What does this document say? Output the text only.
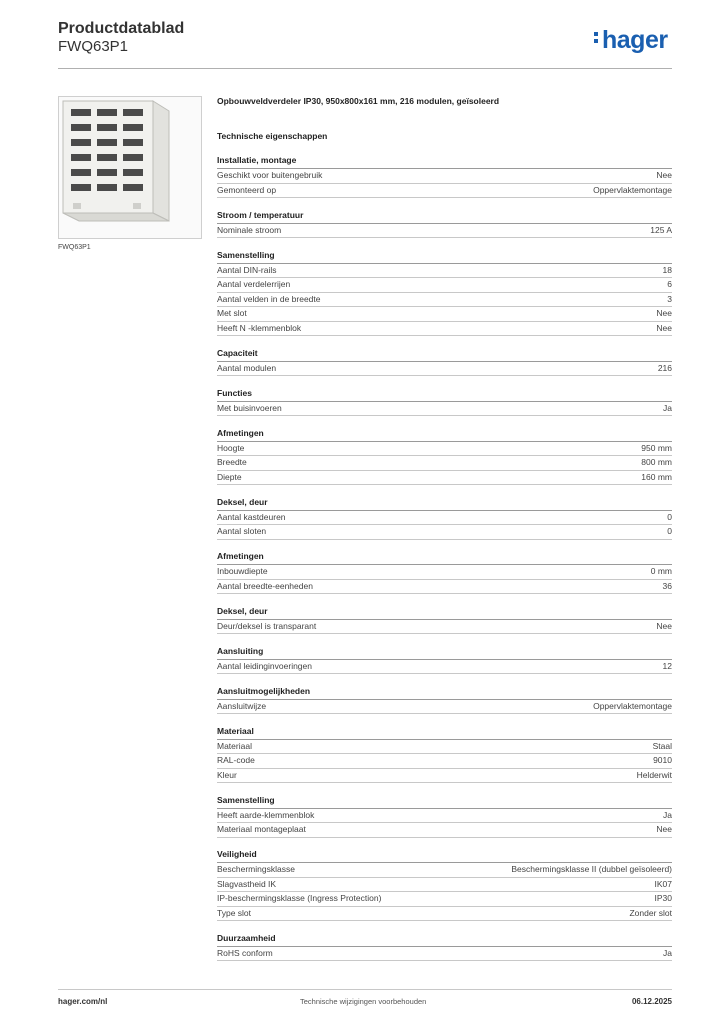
Productdatablad
FWQ63P1	hager
FWQ63P1
Opbouwveldverdeler IP30, 950x800x161 mm, 216 modulen, geïsoleerd
Technische eigenschappen
Installatie, montage
Geschikt voor buitengebruik	Nee
Gemonteerd op	Oppervlaktemontage
Stroom / temperatuur
Nominale stroom	125 A
Samenstelling
Aantal DIN-rails	18
Aantal verdelerrijen	6
Aantal velden in de breedte	3
Met slot	Nee
Heeft N -klemmenblok	Nee
Capaciteit
Aantal modulen	216
Functies
Met buisinvoeren	Ja
Afmetingen
Hoogte	950 mm
Breedte	800 mm
Diepte	160 mm
Deksel, deur
Aantal kastdeuren	0
Aantal sloten	0
Afmetingen
Inbouwdiepte	0 mm
Aantal breedte-eenheden	36
Deksel, deur
Deur/deksel is transparant	Nee
Aansluiting
Aantal leidinginvoeringen	12
Aansluitmogelijkheden
Aansluitwijze	Oppervlaktemontage
Materiaal
Materiaal	Staal
RAL-code	9010
Kleur	Helderwit
Samenstelling
Heeft aarde-klemmenblok	Ja
Materiaal montageplaat	Nee
Veiligheid
Beschermingsklasse	Beschermingsklasse II (dubbel geïsoleerd)
Slagvastheid IK	IK07
IP-beschermingsklasse (Ingress Protection)	IP30
Type slot	Zonder slot
Duurzaamheid
RoHS conform	Ja
hager.com/nl	Technische wijzigingen voorbehouden	06.12.2025
